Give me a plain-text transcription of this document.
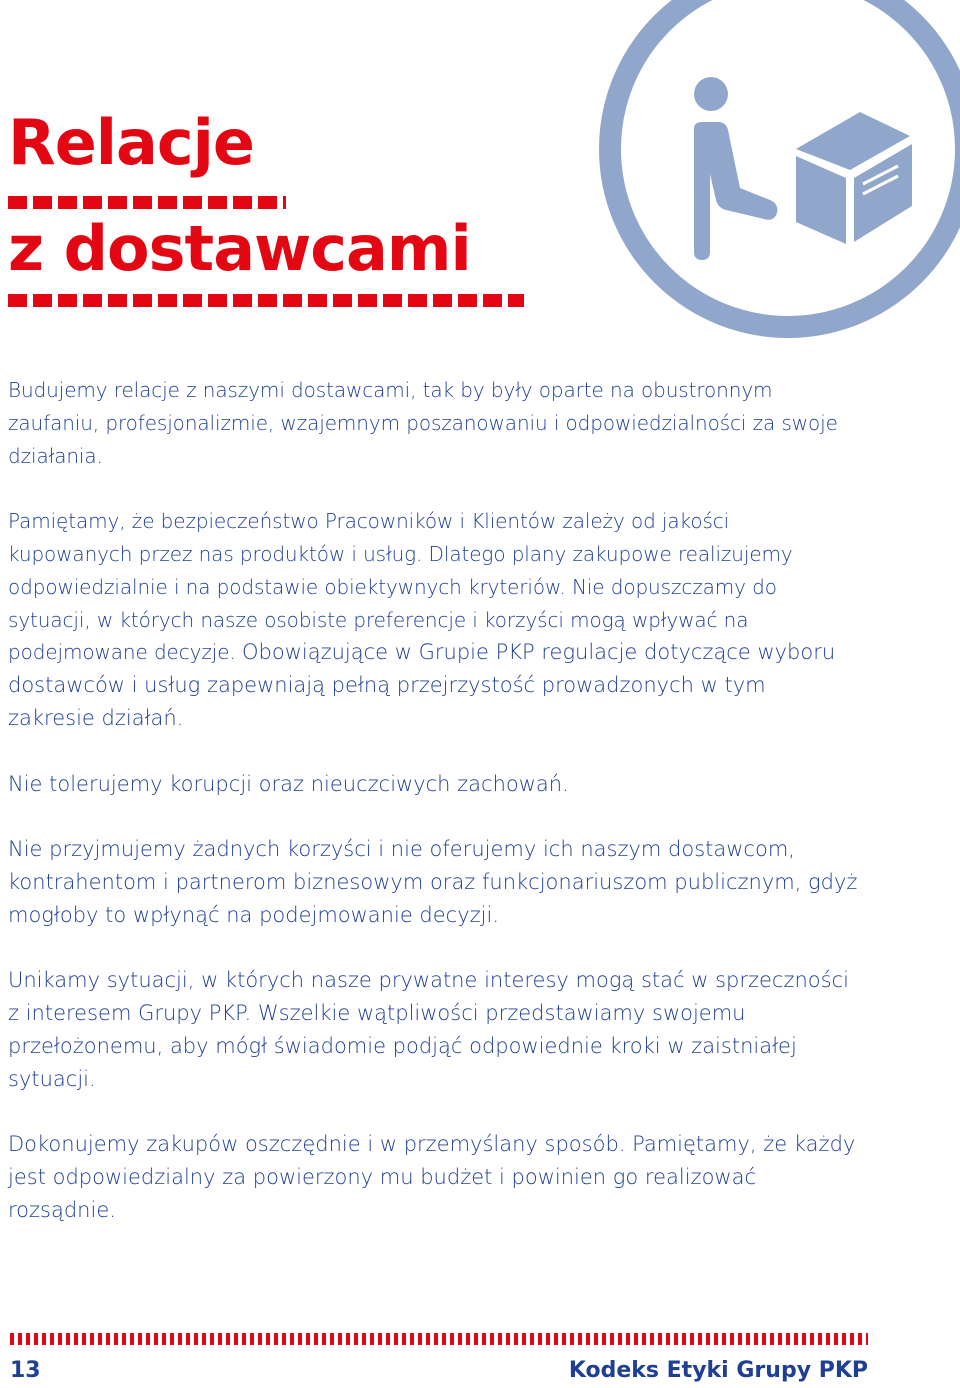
Relacje
z dostawcami

Budujemy relacje z naszymi dostawcami, tak by były oparte na obustronnym zaufaniu, profesjonalizmie, wzajemnym poszanowaniu i odpowiedzialności za swoje działania.

Pamiętamy, że bezpieczeństwo Pracowników i Klientów zależy od jakości kupowanych przez nas produktów i usług. Dlatego plany zakupowe realizujemy odpowiedzialnie i na podstawie obiektywnych kryteriów. Nie dopuszczamy do sytuacji, w których nasze osobiste preferencje i korzyści mogą wpływać na podejmowane decyzje. Obowiązujące w Grupie PKP regulacje dotyczące wyboru dostawców i usług zapewniają pełną przejrzystość prowadzonych w tym zakresie działań.

Nie tolerujemy korupcji oraz nieuczciwych zachowań.

Nie przyjmujemy żadnych korzyści i nie oferujemy ich naszym dostawcom, kontrahentom i partnerom biznesowym oraz funkcjonariuszom publicznym, gdyż mogłoby to wpłynąć na podejmowanie decyzji.

Unikamy sytuacji, w których nasze prywatne interesy mogą stać w sprzeczności z interesem Grupy PKP. Wszelkie wątpliwości przedstawiamy swojemu przełożonemu, aby mógł świadomie podjąć odpowiednie kroki w zaistniałej sytuacji.

Dokonujemy zakupów oszczędnie i w przemyślany sposób. Pamiętamy, że każdy jest odpowiedzialny za powierzony mu budżet i powinien go realizować rozsądnie.

13	Kodeks Etyki Grupy PKP
